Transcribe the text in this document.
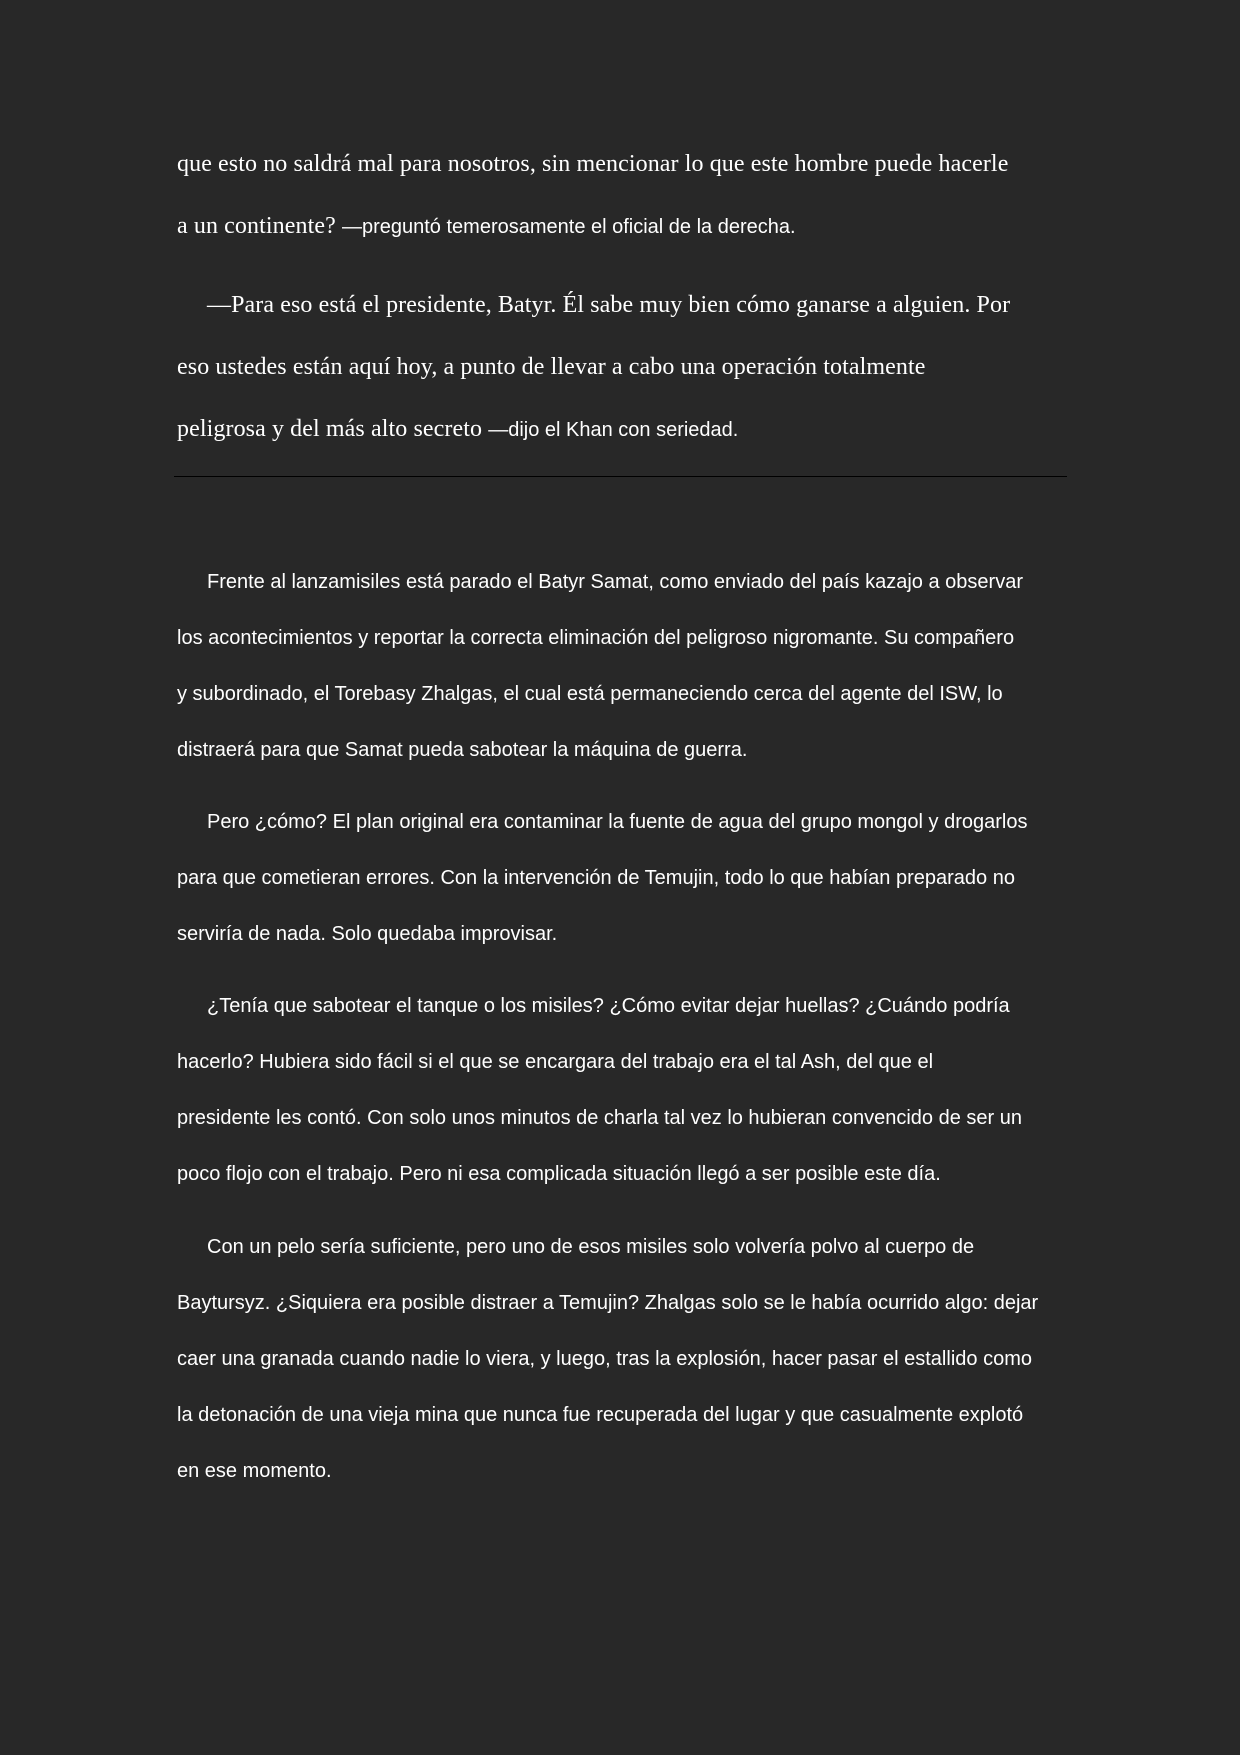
que esto no saldrá mal para nosotros, sin mencionar lo que este hombre puede hacerle
a un continente? —preguntó temerosamente el oficial de la derecha.
—Para eso está el presidente, Batyr. Él sabe muy bien cómo ganarse a alguien. Por
eso ustedes están aquí hoy, a punto de llevar a cabo una operación totalmente
peligrosa y del más alto secreto —dijo el Khan con seriedad.
Frente al lanzamisiles está parado el Batyr Samat, como enviado del país kazajo a observar
los acontecimientos y reportar la correcta eliminación del peligroso nigromante. Su compañero
y subordinado, el Torebasy Zhalgas, el cual está permaneciendo cerca del agente del ISW, lo
distraerá para que Samat pueda sabotear la máquina de guerra.
Pero ¿cómo? El plan original era contaminar la fuente de agua del grupo mongol y drogarlos
para que cometieran errores. Con la intervención de Temujin, todo lo que habían preparado no
serviría de nada. Solo quedaba improvisar.
¿Tenía que sabotear el tanque o los misiles? ¿Cómo evitar dejar huellas? ¿Cuándo podría
hacerlo? Hubiera sido fácil si el que se encargara del trabajo era el tal Ash, del que el
presidente les contó. Con solo unos minutos de charla tal vez lo hubieran convencido de ser un
poco flojo con el trabajo. Pero ni esa complicada situación llegó a ser posible este día.
Con un pelo sería suficiente, pero uno de esos misiles solo volvería polvo al cuerpo de
Baytursyz. ¿Siquiera era posible distraer a Temujin? Zhalgas solo se le había ocurrido algo: dejar
caer una granada cuando nadie lo viera, y luego, tras la explosión, hacer pasar el estallido como
la detonación de una vieja mina que nunca fue recuperada del lugar y que casualmente explotó
en ese momento.
